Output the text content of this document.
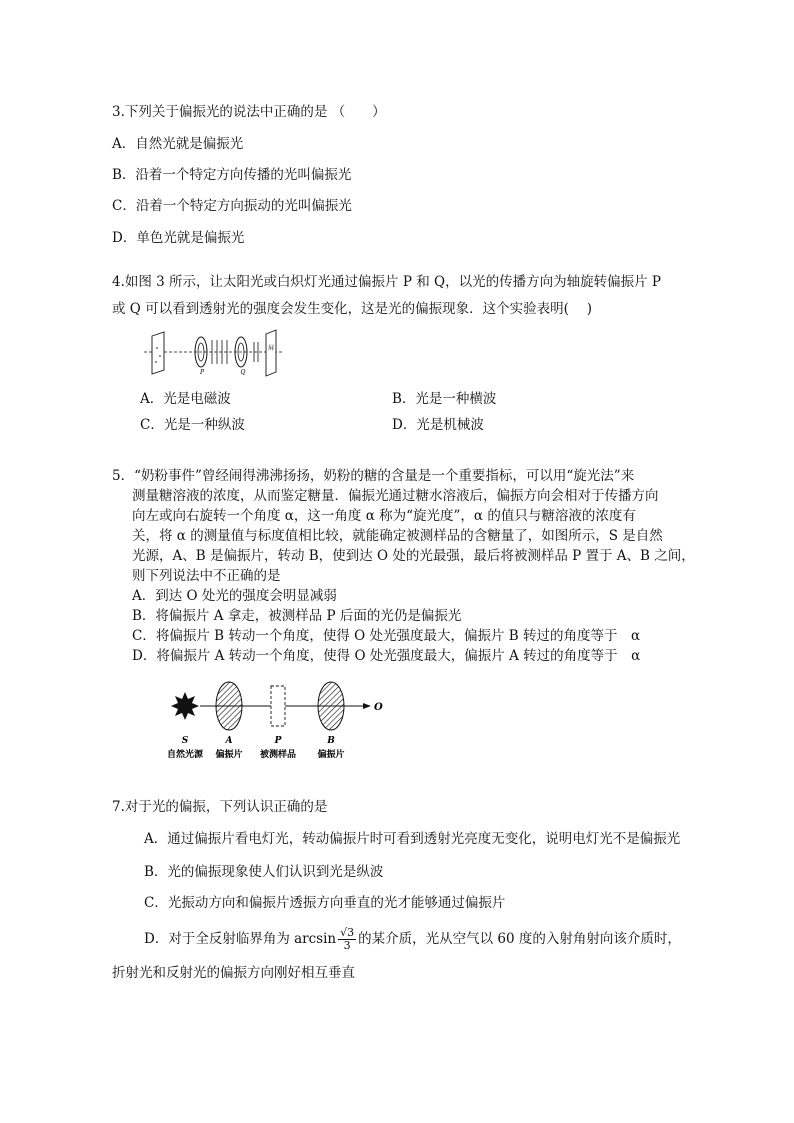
3.下列关于偏振光的说法中正确的是 （　　）
A．自然光就是偏振光
B．沿着一个特定方向传播的光叫偏振光
C．沿着一个特定方向振动的光叫偏振光
D．单色光就是偏振光
4.如图 3 所示，让太阳光或白炽灯光通过偏振片 P 和 Q，以光的传播方向为轴旋转偏振片 P
或 Q 可以看到透射光的强度会发生变化，这是光的偏振现象．这个实验表明(　 )
P	Q
屏
A．光是电磁波	B．光是一种横波
C．光是一种纵波	D．光是机械波
5．“奶粉事件”曾经闹得沸沸扬扬，奶粉的糖的含量是一个重要指标，可以用“旋光法”来
测量糖溶液的浓度，从而鉴定糖量．偏振光通过糖水溶液后，偏振方向会相对于传播方向
向左或向右旋转一个角度 α，这一角度 α 称为“旋光度”，α 的值只与糖溶液的浓度有
关，将 α 的测量值与标度值相比较，就能确定被测样品的含糖量了，如图所示，S 是自然
光源，A、B 是偏振片，转动 B，使到达 O 处的光最强，最后将被测样品 P 置于 A、B 之间，
则下列说法中不正确的是
A．到达 O 处光的强度会明显减弱
B．将偏振片 A 拿走，被测样品 P 后面的光仍是偏振光
C．将偏振片 B 转动一个角度，使得 O 处光强度最大，偏振片 B 转过的角度等于　α
D．将偏振片 A 转动一个角度，使得 O 处光强度最大，偏振片 A 转过的角度等于　α
O
S	A	P	B
自然光源 偏振片 被测样品 偏振片
7.对于光的偏振，下列认识正确的是
A．通过偏振片看电灯光，转动偏振片时可看到透射光亮度无变化，说明电灯光不是偏振光
B．光的偏振现象使人们认识到光是纵波
C．光振动方向和偏振片透振方向垂直的光才能够通过偏振片
D．对于全反射临界角为 $\arcsin \frac{√3}{3}$ 的某介质，光从空气以 60 度的入射角射向该介质时，
折射光和反射光的偏振方向刚好相互垂直
